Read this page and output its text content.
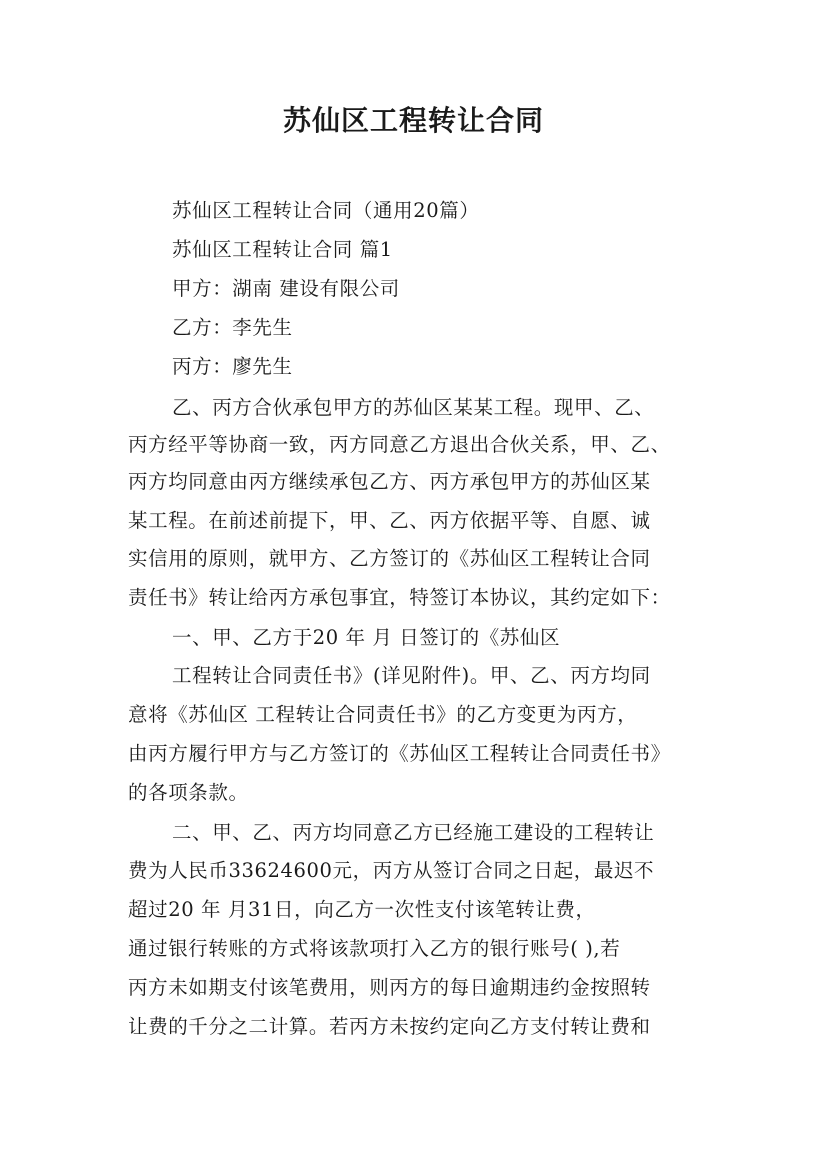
苏仙区工程转让合同
苏仙区工程转让合同（通用20篇）
苏仙区工程转让合同 篇1
甲方：湖南 建设有限公司
乙方：李先生
丙方：廖先生
乙、丙方合伙承包甲方的苏仙区某某工程。现甲、乙、
丙方经平等协商一致，丙方同意乙方退出合伙关系，甲、乙、
丙方均同意由丙方继续承包乙方、丙方承包甲方的苏仙区某
某工程。在前述前提下，甲、乙、丙方依据平等、自愿、诚
实信用的原则，就甲方、乙方签订的《苏仙区工程转让合同
责任书》转让给丙方承包事宜，特签订本协议，其约定如下：
一、甲、乙方于20 年 月 日签订的《苏仙区
工程转让合同责任书》(详见附件)。甲、乙、丙方均同
意将《苏仙区 工程转让合同责任书》的乙方变更为丙方，
由丙方履行甲方与乙方签订的《苏仙区工程转让合同责任书》
的各项条款。
二、甲、乙、丙方均同意乙方已经施工建设的工程转让
费为人民币33624600元，丙方从签订合同之日起，最迟不
超过20 年 月31日，向乙方一次性支付该笔转让费，
通过银行转账的方式将该款项打入乙方的银行账号( ),若
丙方未如期支付该笔费用，则丙方的每日逾期违约金按照转
让费的千分之二计算。若丙方未按约定向乙方支付转让费和
